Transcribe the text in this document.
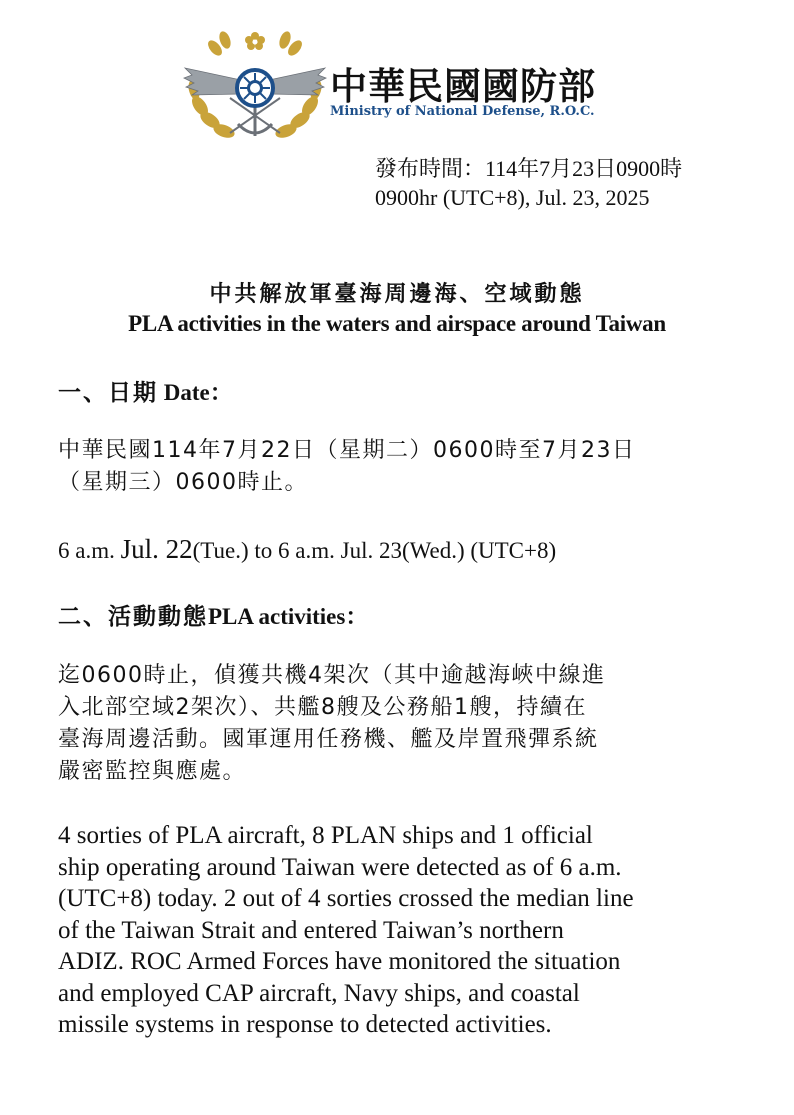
中華民國國防部
Ministry of National Defense, R.O.C.
發布時間：114年7月23日0900時
0900hr (UTC+8), Jul. 23, 2025
中共解放軍臺海周邊海、空域動態
PLA activities in the waters and airspace around Taiwan
一、日期 Date：
中華民國114年7月22日（星期二）0600時至7月23日
（星期三）0600時止。
6 a.m. Jul. 22(Tue.) to 6 a.m. Jul. 23(Wed.) (UTC+8)
二、活動動態PLA activities：
迄0600時止，偵獲共機4架次（其中逾越海峽中線進
入北部空域2架次）、共艦8艘及公務船1艘，持續在
臺海周邊活動。國軍運用任務機、艦及岸置飛彈系統
嚴密監控與應處。
4 sorties of PLA aircraft, 8 PLAN ships and 1 official
ship operating around Taiwan were detected as of 6 a.m.
(UTC+8) today. 2 out of 4 sorties crossed the median line
of the Taiwan Strait and entered Taiwan’s northern
ADIZ. ROC Armed Forces have monitored the situation
and employed CAP aircraft, Navy ships, and coastal
missile systems in response to detected activities.
